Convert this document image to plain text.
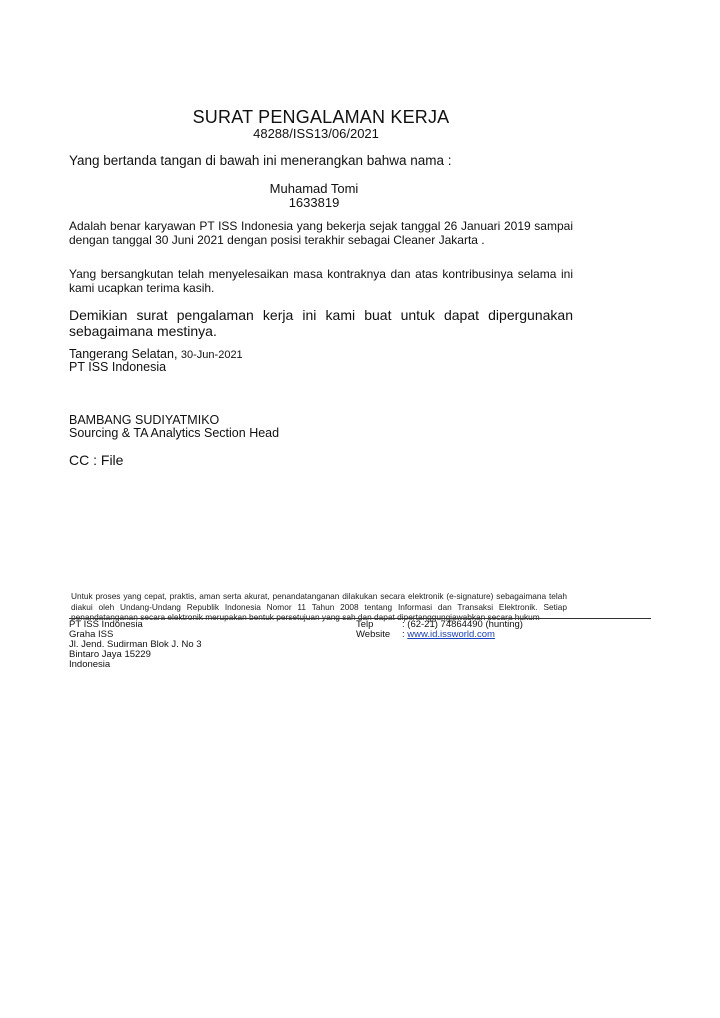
SURAT PENGALAMAN KERJA
48288/ISS13/06/2021
Yang bertanda tangan di bawah ini menerangkan bahwa nama :
Muhamad Tomi
1633819
Adalah benar karyawan PT ISS Indonesia yang bekerja sejak tanggal 26 Januari 2019 sampai dengan tanggal 30 Juni 2021 dengan posisi terakhir sebagai Cleaner Jakarta .
Yang bersangkutan telah menyelesaikan masa kontraknya dan atas kontribusinya selama ini kami ucapkan terima kasih.
Demikian surat pengalaman kerja ini kami buat untuk dapat dipergunakan sebagaimana mestinya.
Tangerang Selatan, 30-Jun-2021
PT ISS Indonesia
BAMBANG SUDIYATMIKO
Sourcing & TA Analytics Section Head
CC : File
Untuk proses yang cepat, praktis, aman serta akurat, penandatanganan dilakukan secara elektronik (e-signature) sebagaimana telah diakui oleh Undang-Undang Republik Indonesia Nomor 11 Tahun 2008 tentang Informasi dan Transaksi Elektronik. Setiap penandatanganan secara elektronik merupakan bentuk persetujuan yang sah dan dapat dipertanggungjawabkan secara hukum
PT ISS Indonesia
Graha ISS
Jl. Jend. Sudirman Blok J. No 3
Bintaro Jaya 15229
Indonesia
Telp	: (62-21) 74864490 (hunting)
Website : www.id.issworld.com
